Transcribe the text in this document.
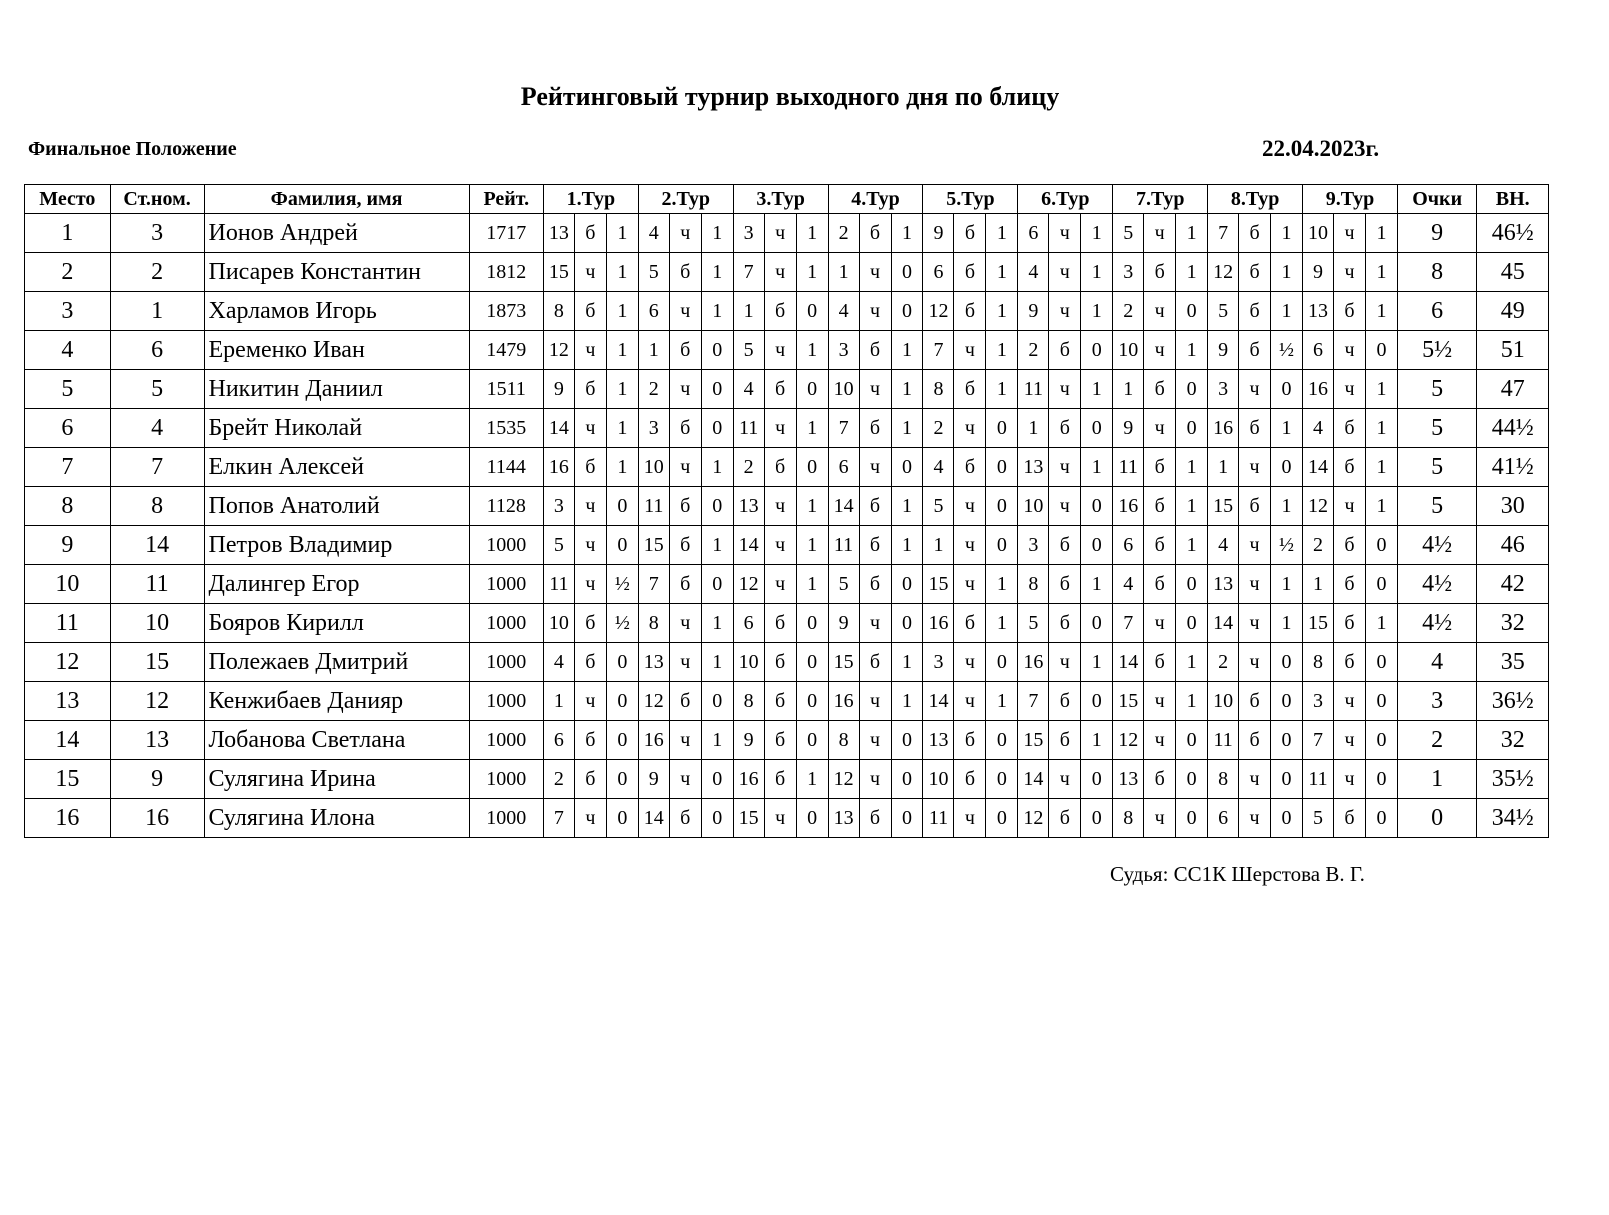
Рейтинговый турнир выходного дня по блицу
Финальное Положение	22.04.2023г.
Место	Ст.ном.	Фамилия, имя	Рейт.	1.Тур			2.Тур			3.Тур			4.Тур			5.Тур			6.Тур			7.Тур			8.Тур			9.Тур			Очки	ВН.
1	3	Ионов Андрей	1717	13	б	1	4	ч	1	3	ч	1	2	б	1	9	б	1	6	ч	1	5	ч	1	7	б	1	10	ч	1	9	46½
2	2	Писарев Константин	1812	15	ч	1	5	б	1	7	ч	1	1	ч	0	6	б	1	4	ч	1	3	б	1	12	б	1	9	ч	1	8	45
3	1	Харламов Игорь	1873	8	б	1	6	ч	1	1	б	0	4	ч	0	12	б	1	9	ч	1	2	ч	0	5	б	1	13	б	1	6	49
4	6	Еременко Иван	1479	12	ч	1	1	б	0	5	ч	1	3	б	1	7	ч	1	2	б	0	10	ч	1	9	б	½	6	ч	0	5½	51
5	5	Никитин Даниил	1511	9	б	1	2	ч	0	4	б	0	10	ч	1	8	б	1	11	ч	1	1	б	0	3	ч	0	16	ч	1	5	47
6	4	Брейт Николай	1535	14	ч	1	3	б	0	11	ч	1	7	б	1	2	ч	0	1	б	0	9	ч	0	16	б	1	4	б	1	5	44½
7	7	Елкин Алексей	1144	16	б	1	10	ч	1	2	б	0	6	ч	0	4	б	0	13	ч	1	11	б	1	1	ч	0	14	б	1	5	41½
8	8	Попов Анатолий	1128	3	ч	0	11	б	0	13	ч	1	14	б	1	5	ч	0	10	ч	0	16	б	1	15	б	1	12	ч	1	5	30
9	14	Петров Владимир	1000	5	ч	0	15	б	1	14	ч	1	11	б	1	1	ч	0	3	б	0	6	б	1	4	ч	½	2	б	0	4½	46
10	11	Далингер Егор	1000	11	ч	½	7	б	0	12	ч	1	5	б	0	15	ч	1	8	б	1	4	б	0	13	ч	1	1	б	0	4½	42
11	10	Бояров Кирилл	1000	10	б	½	8	ч	1	6	б	0	9	ч	0	16	б	1	5	б	0	7	ч	0	14	ч	1	15	б	1	4½	32
12	15	Полежаев Дмитрий	1000	4	б	0	13	ч	1	10	б	0	15	б	1	3	ч	0	16	ч	1	14	б	1	2	ч	0	8	б	0	4	35
13	12	Кенжибаев Данияр	1000	1	ч	0	12	б	0	8	б	0	16	ч	1	14	ч	1	7	б	0	15	ч	1	10	б	0	3	ч	0	3	36½
14	13	Лобанова Светлана	1000	6	б	0	16	ч	1	9	б	0	8	ч	0	13	б	0	15	б	1	12	ч	0	11	б	0	7	ч	0	2	32
15	9	Сулягина Ирина	1000	2	б	0	9	ч	0	16	б	1	12	ч	0	10	б	0	14	ч	0	13	б	0	8	ч	0	11	ч	0	1	35½
16	16	Сулягина Илона	1000	7	ч	0	14	б	0	15	ч	0	13	б	0	11	ч	0	12	б	0	8	ч	0	6	ч	0	5	б	0	0	34½
Судья: СС1К Шерстова В. Г.
